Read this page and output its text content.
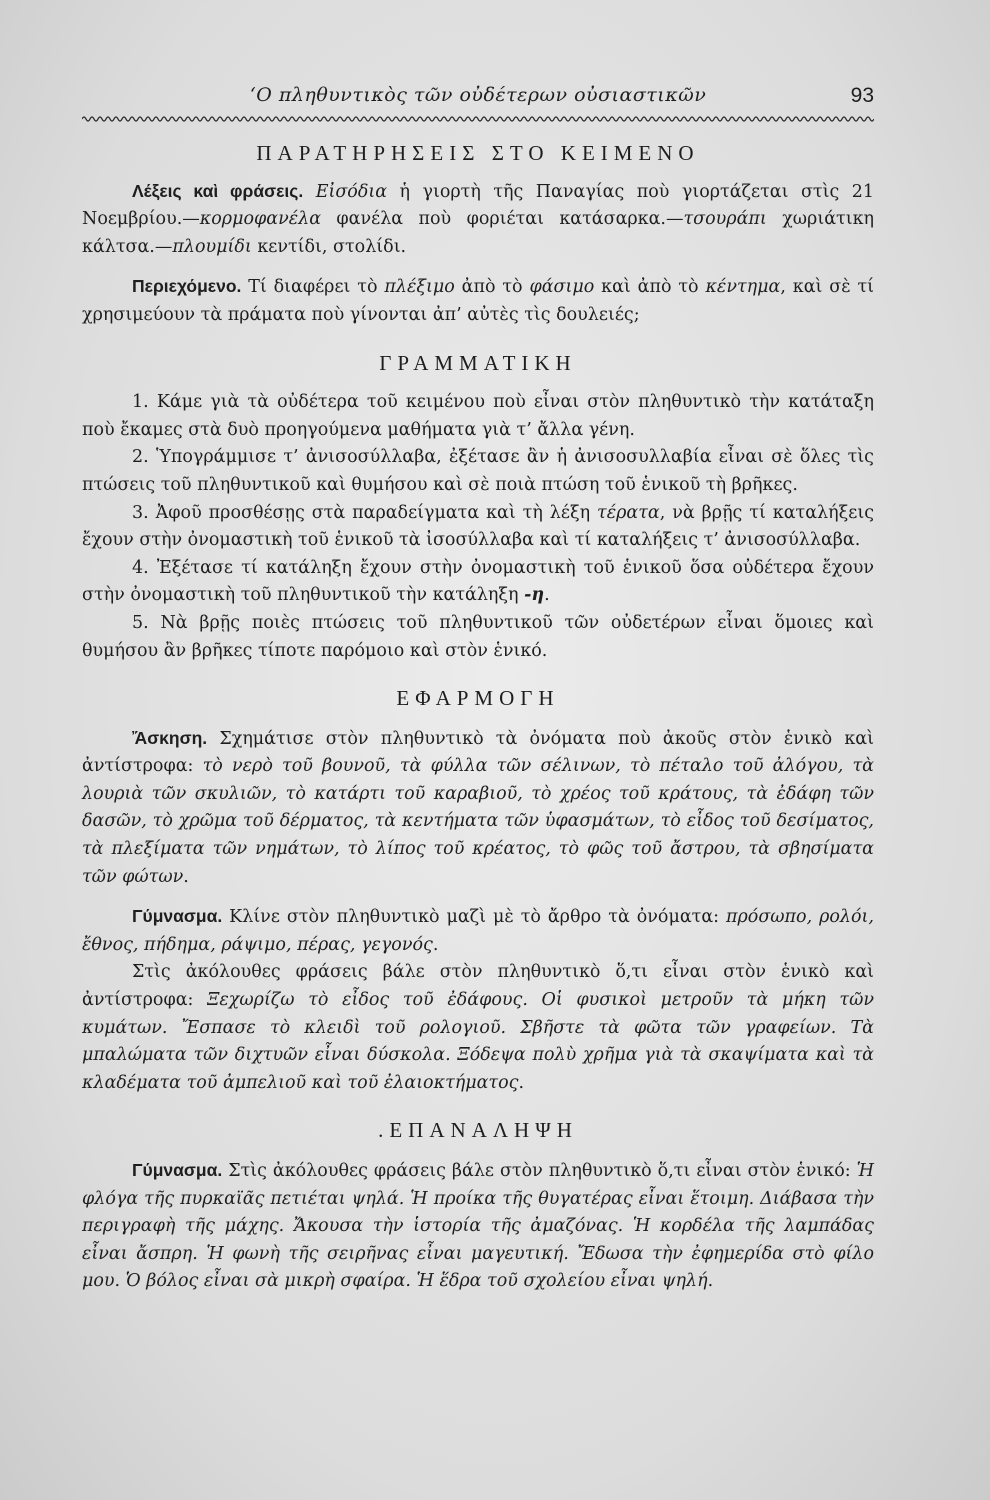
‘Ο πληθυντικὸς τῶν οὐδέτερων οὐσιαστικῶν	93
ΠΑΡΑΤΗΡΗΣΕΙΣ ΣΤΟ ΚΕΙΜΕΝΟ

Λέξεις καὶ φράσεις. Εἰσόδια ἡ γιορτὴ τῆς Παναγίας ποὺ γιορτάζεται στὶς 21 Νοεμβρίου.—κορμοφανέλα φανέλα ποὺ φοριέται κατάσαρκα.—τσουράπι χωριάτικη κάλτσα.—πλουμίδι κεντίδι, στολίδι.

Περιεχόμενο. Τί διαφέρει τὸ πλέξιμο ἀπὸ τὸ φάσιμο καὶ ἀπὸ τὸ κέντημα, καὶ σὲ τί χρησιμεύουν τὰ πράματα ποὺ γίνονται ἀπ’ αὐτὲς τὶς δουλειές;

ΓΡΑΜΜΑΤΙΚΗ

1. Κάμε γιὰ τὰ οὐδέτερα τοῦ κειμένου ποὺ εἶναι στὸν πληθυντικὸ τὴν κατάταξη ποὺ ἔκαμες στὰ δυὸ προηγούμενα μαθήματα γιὰ τ’ ἄλλα γένη.

2. Ὑπογράμμισε τ’ ἀνισοσύλλαβα, ἐξέτασε ἂν ἡ ἀνισοσυλλαβία εἶναι σὲ ὅλες τὶς πτώσεις τοῦ πληθυντικοῦ καὶ θυμήσου καὶ σὲ ποιὰ πτώση τοῦ ἑνικοῦ τὴ βρῆκες.

3. Ἀφοῦ προσθέσῃς στὰ παραδείγματα καὶ τὴ λέξη τέρατα, νὰ βρῇς τί καταλήξεις ἔχουν στὴν ὀνομαστικὴ τοῦ ἑνικοῦ τὰ ἰσοσύλλαβα καὶ τί καταλήξεις τ’ ἀνισοσύλλαβα.

4. Ἐξέτασε τί κατάληξη ἔχουν στὴν ὀνομαστικὴ τοῦ ἑνικοῦ ὅσα οὐδέτερα ἔχουν στὴν ὀνομαστικὴ τοῦ πληθυντικοῦ τὴν κατάληξη -η.

5. Νὰ βρῇς ποιὲς πτώσεις τοῦ πληθυντικοῦ τῶν οὐδετέρων εἶναι ὅμοιες καὶ θυμήσου ἂν βρῆκες τίποτε παρόμοιο καὶ στὸν ἑνικό.

ΕΦΑΡΜΟΓΗ

Ἄσκηση. Σχημάτισε στὸν πληθυντικὸ τὰ ὀνόματα ποὺ ἀκοῦς στὸν ἑνικὸ καὶ ἀντίστροφα: τὸ νερὸ τοῦ βουνοῦ, τὰ φύλλα τῶν σέλινων, τὸ πέταλο τοῦ ἀλόγου, τὰ λουριὰ τῶν σκυλιῶν, τὸ κατάρτι τοῦ καραβιοῦ, τὸ χρέος τοῦ κράτους, τὰ ἐδάφη τῶν δασῶν, τὸ χρῶμα τοῦ δέρματος, τὰ κεντήματα τῶν ὑφασμάτων, τὸ εἶδος τοῦ δεσίματος, τὰ πλεξίματα τῶν νημάτων, τὸ λίπος τοῦ κρέατος, τὸ φῶς τοῦ ἄστρου, τὰ σβησίματα τῶν φώτων.

Γύμνασμα. Κλίνε στὸν πληθυντικὸ μαζὶ μὲ τὸ ἄρθρο τὰ ὀνόματα: πρόσωπο, ρολόι, ἔθνος, πήδημα, ράψιμο, πέρας, γεγονός.

Στὶς ἀκόλουθες φράσεις βάλε στὸν πληθυντικὸ ὅ,τι εἶναι στὸν ἑνικὸ καὶ ἀντίστροφα: Ξεχωρίζω τὸ εἶδος τοῦ ἐδάφους. Οἱ φυσικοὶ μετροῦν τὰ μήκη τῶν κυμάτων. Ἔσπασε τὸ κλειδὶ τοῦ ρολογιοῦ. Σβῆστε τὰ φῶτα τῶν γραφείων. Τὰ μπαλώματα τῶν διχτυῶν εἶναι δύσκολα. Ξόδεψα πολὺ χρῆμα γιὰ τὰ σκαψίματα καὶ τὰ κλαδέματα τοῦ ἀμπελιοῦ καὶ τοῦ ἐλαιοκτήματος.

.ΕΠΑΝΑΛΗΨΗ

Γύμνασμα. Στὶς ἀκόλουθες φράσεις βάλε στὸν πληθυντικὸ ὅ,τι εἶναι στὸν ἑνικό: Ἡ φλόγα τῆς πυρκαϊᾶς πετιέται ψηλά. Ἡ προίκα τῆς θυγατέρας εἶναι ἕτοιμη. Διάβασα τὴν περιγραφὴ τῆς μάχης. Ἄκουσα τὴν ἱστορία τῆς ἀμαζόνας. Ἡ κορδέλα τῆς λαμπάδας εἶναι ἄσπρη. Ἡ φωνὴ τῆς σειρῆνας εἶναι μαγευτική. Ἔδωσα τὴν ἐφημερίδα στὸ φίλο μου. Ὁ βόλος εἶναι σὰ μικρὴ σφαίρα. Ἡ ἕδρα τοῦ σχολείου εἶναι ψηλή.
